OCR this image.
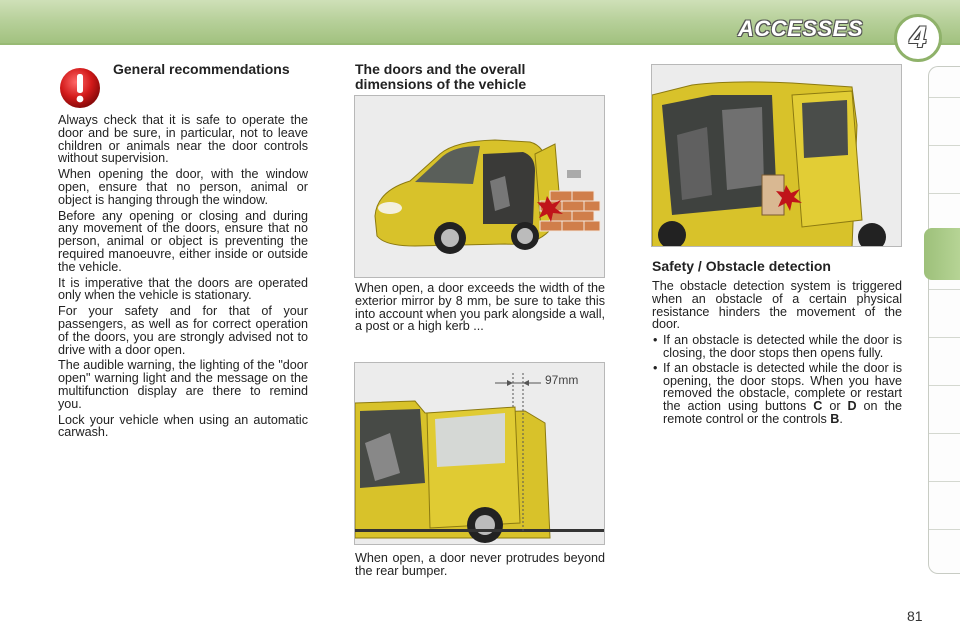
ACCESSES 4
General recommendations

Always check that it is safe to operate the door and be sure, in particular, not to leave children or animals near the door controls without supervision.

When opening the door, with the window open, ensure that no person, animal or object is hanging through the window.

Before any opening or closing and during any movement of the doors, ensure that no person, animal or object is preventing the required manoeuvre, either inside or outside the vehicle.

It is imperative that the doors are operated only when the vehicle is stationary.

For your safety and for that of your passengers, as well as for correct operation of the doors, you are strongly advised not to drive with a door open.

The audible warning, the lighting of the "door open" warning light and the message on the multifunction display are there to remind you.

Lock your vehicle when using an automatic carwash.

The doors and the overall dimensions of the vehicle
When open, a door exceeds the width of the exterior mirror by 8 mm, be sure to take this into account when you park alongside a wall, a post or a high kerb ...
97mm
When open, a door never protrudes beyond the rear bumper.
Safety / Obstacle detection

The obstacle detection system is triggered when an obstacle of a certain physical resistance hinders the movement of the door.

• If an obstacle is detected while the door is closing, the door stops then opens fully.
• If an obstacle is detected while the door is opening, the door stops. When you have removed the obstacle, complete or restart the action using buttons C or D on the remote control or the controls B.
81
